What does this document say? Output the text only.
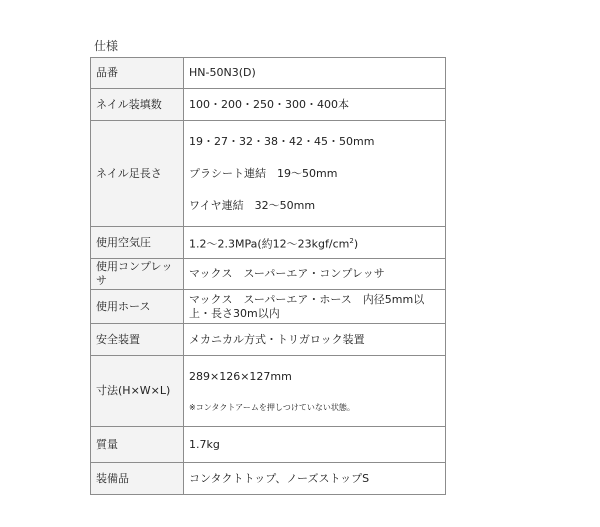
仕様
品番	HN-50N3(D)
ネイル装填数	100・200・250・300・400本
ネイル足長さ	19・27・32・38・42・45・50mm

プラシート連結　19～50mm

ワイヤ連結　32～50mm

使用空気圧	1.2～2.3MPa(約$12\sim 23kgf/cm^2$)
使用コンプレッサ	マックス　スーパーエア・コンプレッサ
使用ホース	マックス　スーパーエア・ホース　内径5mm以上・長さ30m以内
安全装置	メカニカル方式・トリガロック装置
寸法(H×W×L)	289×126×127mm
※コンタクトアームを押しつけていない状態。

質量	1.7kg
装備品	コンタクトトップ、ノーズストップS
